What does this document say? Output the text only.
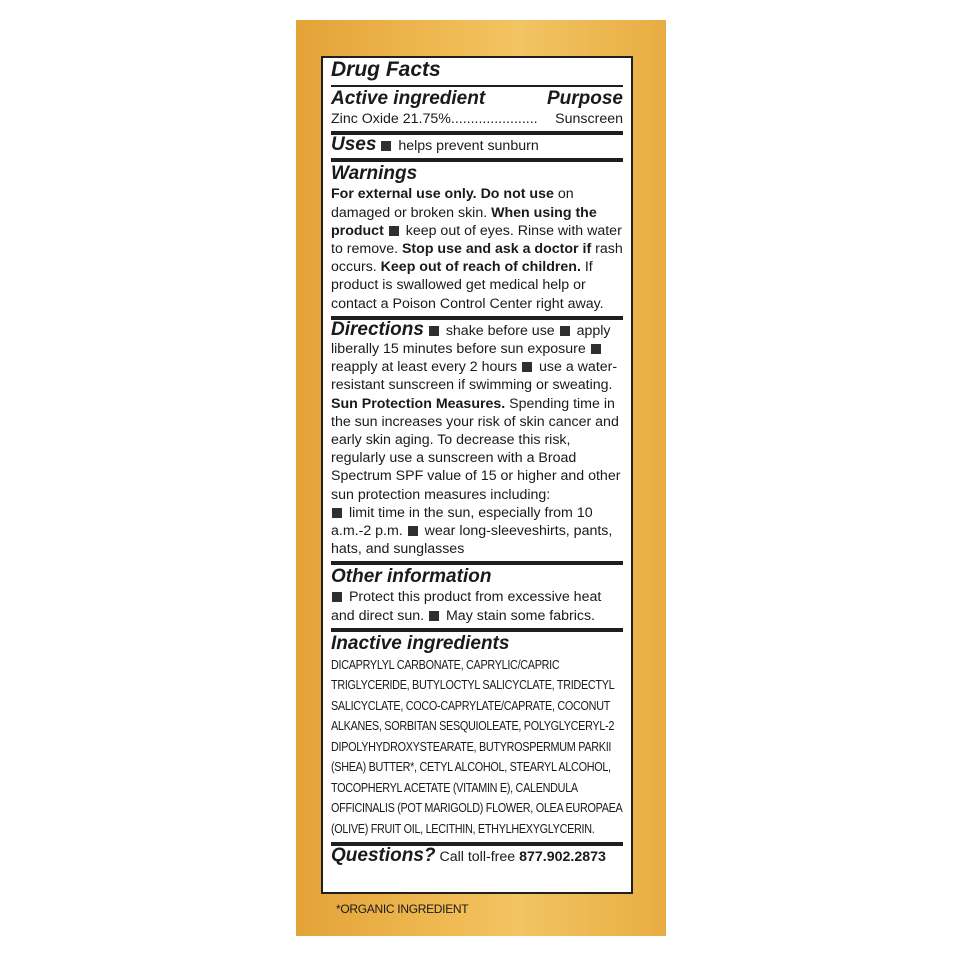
Drug Facts
Active ingredient	Purpose
Zinc Oxide 21.75%...................... Sunscreen
Uses helps prevent sunburn
Warnings
For external use only. Do not use on damaged or broken skin. When using the product keep out of eyes. Rinse with water to remove. Stop use and ask a doctor if rash occurs. Keep out of reach of children. If product is swallowed get medical help or contact a Poison Control Center right away.
Directions shake before use apply liberally 15 minutes before sun exposure  reapply at least every 2 hours use a water-resistant sunscreen if swimming or sweating. Sun Protection Measures. Spending time in the sun increases your risk of skin cancer and early skin aging. To decrease this risk, regularly use a sunscreen with a Broad Spectrum SPF value of 15 or higher and other sun protection measures including:
limit time in the sun, especially from 10 a.m.-2 p.m. wear long-sleeveshirts, pants, hats, and sunglasses
Other information
Protect this product from excessive heat and direct sun. May stain some fabrics.
Inactive ingredients
DICAPRYLYL CARBONATE, CAPRYLIC/CAPRIC TRIGLYCERIDE, BUTYLOCTYL SALICYCLATE, TRIDECTYL SALICYCLATE, COCO-CAPRYLATE/CAPRATE, COCONUT ALKANES, SORBITAN SESQUIOLEATE, POLYGLYCERYL-2 DIPOLYHYDROXYSTEARATE, BUTYROSPERMUM PARKII (SHEA) BUTTER*, CETYL ALCOHOL, STEARYL ALCOHOL, TOCOPHERYL ACETATE (VITAMIN E), CALENDULA OFFICINALIS (POT MARIGOLD) FLOWER, OLEA EUROPAEA (OLIVE) FRUIT OIL, LECITHIN, ETHYLHEXYGLYCERIN.
Questions? Call toll-free 877.902.2873
*ORGANIC INGREDIENT
